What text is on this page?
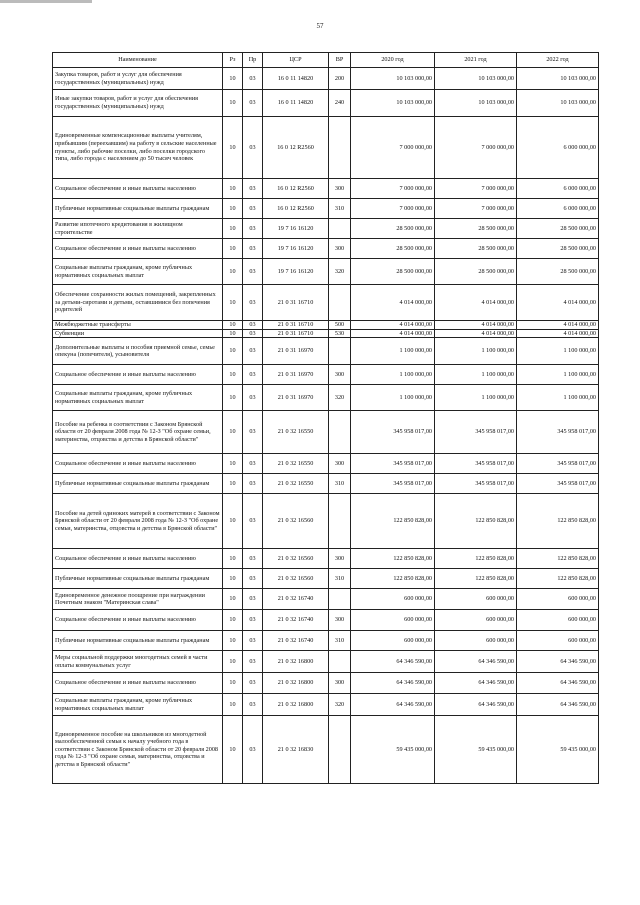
57
Наименование	Рз	Пр	ЦСР	ВР	2020 год	2021 год	2022 год
Закупка товаров, работ и услуг для обеспечения государственных (муниципальных) нужд	10	03	16 0 11 14820	200	10 103 000,00	10 103 000,00	10 103 000,00
Иные закупки товаров, работ и услуг для обеспечения государственных (муниципальных) нужд	10	03	16 0 11 14820	240	10 103 000,00	10 103 000,00	10 103 000,00
Единовременные компенсационные выплаты учителям, прибывшим (переехавшим) на работу в сельские населенные пункты, либо рабочие поселки, либо поселки городского типа, либо города с населением до 50 тысяч человек	10	03	16 0 12 R2560		7 000 000,00	7 000 000,00	6 000 000,00
Социальное обеспечение и иные выплаты населению	10	03	16 0 12 R2560	300	7 000 000,00	7 000 000,00	6 000 000,00
Публичные нормативные социальные выплаты гражданам	10	03	16 0 12 R2560	310	7 000 000,00	7 000 000,00	6 000 000,00
Развитие ипотечного кредитования в жилищном строительстве	10	03	19 7 16 16120		28 500 000,00	28 500 000,00	28 500 000,00
Социальное обеспечение и иные выплаты населению	10	03	19 7 16 16120	300	28 500 000,00	28 500 000,00	28 500 000,00
Социальные выплаты гражданам, кроме публичных нормативных социальных выплат	10	03	19 7 16 16120	320	28 500 000,00	28 500 000,00	28 500 000,00
Обеспечение сохранности жилых помещений, закрепленных за детьми-сиротами и детьми, оставшимися без попечения родителей	10	03	21 0 31 16710		4 014 000,00	4 014 000,00	4 014 000,00
Межбюджетные трансферты	10	03	21 0 31 16710	500	4 014 000,00	4 014 000,00	4 014 000,00
Субвенции	10	03	21 0 31 16710	530	4 014 000,00	4 014 000,00	4 014 000,00
Дополнительные выплаты и пособия приемной семье, семье опекуна (попечителя), усыновителя	10	03	21 0 31 16970		1 100 000,00	1 100 000,00	1 100 000,00
Социальное обеспечение и иные выплаты населению	10	03	21 0 31 16970	300	1 100 000,00	1 100 000,00	1 100 000,00
Социальные выплаты гражданам, кроме публичных нормативных социальных выплат	10	03	21 0 31 16970	320	1 100 000,00	1 100 000,00	1 100 000,00
Пособие на ребенка в соответствии с Законом Брянской области от 20 февраля 2008 года № 12-З "Об охране семьи, материнства, отцовства и детства в Брянской области"	10	03	21 0 32 16550		345 958 017,00	345 958 017,00	345 958 017,00
Социальное обеспечение и иные выплаты населению	10	03	21 0 32 16550	300	345 958 017,00	345 958 017,00	345 958 017,00
Публичные нормативные социальные выплаты гражданам	10	03	21 0 32 16550	310	345 958 017,00	345 958 017,00	345 958 017,00
Пособие на детей одиноких матерей в соответствии с Законом Брянской области от 20 февраля 2008 года № 12-З "Об охране семьи, материнства, отцовства и детства в Брянской области"	10	03	21 0 32 16560		122 850 828,00	122 850 828,00	122 850 828,00
Социальное обеспечение и иные выплаты населению	10	03	21 0 32 16560	300	122 850 828,00	122 850 828,00	122 850 828,00
Публичные нормативные социальные выплаты гражданам	10	03	21 0 32 16560	310	122 850 828,00	122 850 828,00	122 850 828,00
Единовременное денежное поощрение при награждении Почетным знаком "Материнская слава"	10	03	21 0 32 16740		600 000,00	600 000,00	600 000,00
Социальное обеспечение и иные выплаты населению	10	03	21 0 32 16740	300	600 000,00	600 000,00	600 000,00
Публичные нормативные социальные выплаты гражданам	10	03	21 0 32 16740	310	600 000,00	600 000,00	600 000,00
Меры социальной поддержки многодетных семей в части оплаты коммунальных услуг	10	03	21 0 32 16800		64 346 590,00	64 346 590,00	64 346 590,00
Социальное обеспечение и иные выплаты населению	10	03	21 0 32 16800	300	64 346 590,00	64 346 590,00	64 346 590,00
Социальные выплаты гражданам, кроме публичных нормативных социальных выплат	10	03	21 0 32 16800	320	64 346 590,00	64 346 590,00	64 346 590,00
Единовременное пособие на школьников из многодетной малообеспеченной семьи к началу учебного года в соответствии с Законом Брянской области от 20 февраля 2008 года № 12-З "Об охране семьи, материнства, отцовства и детства в Брянской области"	10	03	21 0 32 16830		59 435 000,00	59 435 000,00	59 435 000,00
